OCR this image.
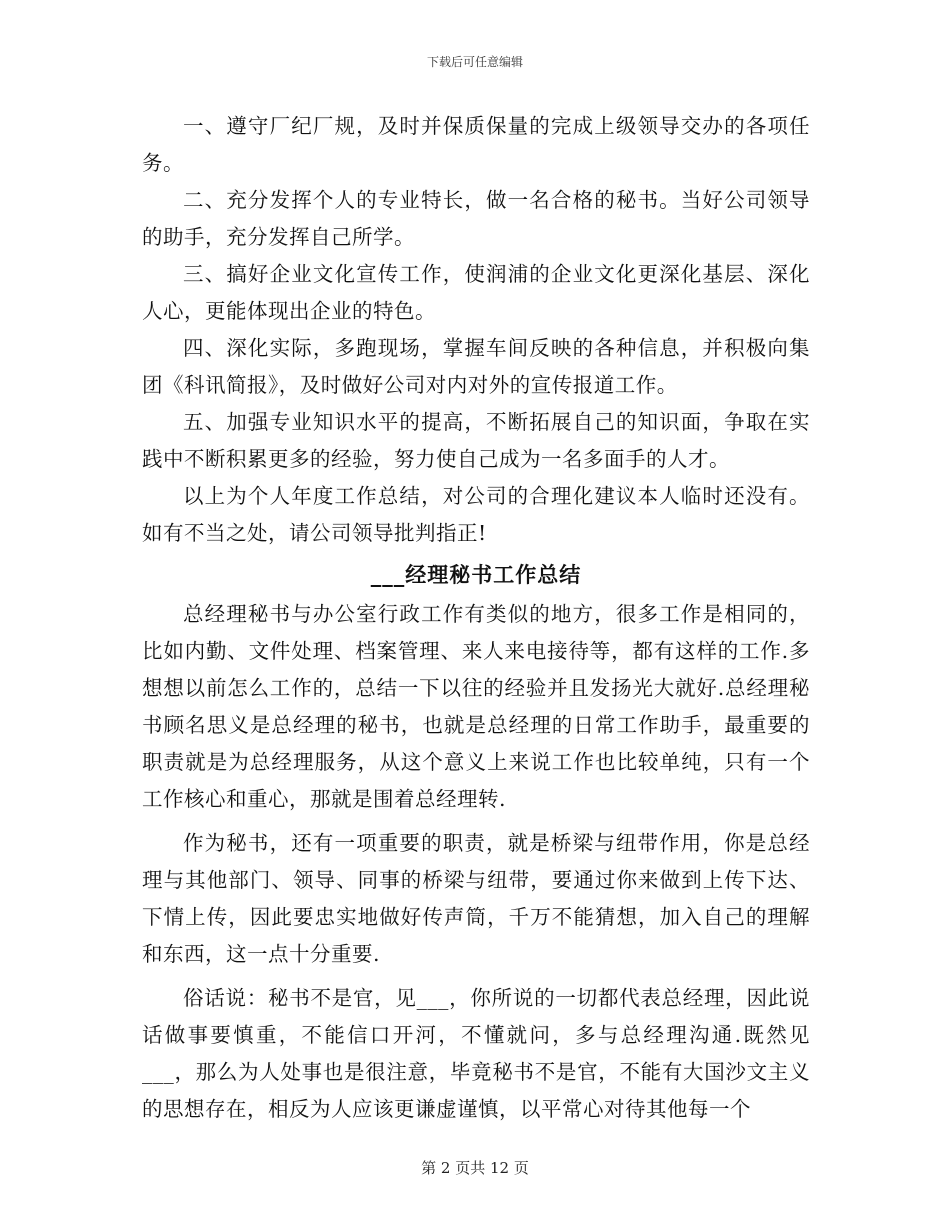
下载后可任意编辑

一、遵守厂纪厂规，及时并保质保量的完成上级领导交办的各项任务。

二、充分发挥个人的专业特长，做一名合格的秘书。当好公司领导的助手，充分发挥自己所学。

三、搞好企业文化宣传工作，使润浦的企业文化更深化基层、深化人心，更能体现出企业的特色。

四、深化实际，多跑现场，掌握车间反映的各种信息，并积极向集团《科讯简报》，及时做好公司对内对外的宣传报道工作。

五、加强专业知识水平的提高，不断拓展自己的知识面，争取在实践中不断积累更多的经验，努力使自己成为一名多面手的人才。

以上为个人年度工作总结，对公司的合理化建议本人临时还没有。如有不当之处，请公司领导批判指正!

___经理秘书工作总结

总经理秘书与办公室行政工作有类似的地方，很多工作是相同的，比如内勤、文件处理、档案管理、来人来电接待等，都有这样的工作.多想想以前怎么工作的，总结一下以往的经验并且发扬光大就好.总经理秘书顾名思义是总经理的秘书，也就是总经理的日常工作助手，最重要的职责就是为总经理服务，从这个意义上来说工作也比较单纯，只有一个工作核心和重心，那就是围着总经理转.

作为秘书，还有一项重要的职责，就是桥梁与纽带作用，你是总经理与其他部门、领导、同事的桥梁与纽带，要通过你来做到上传下达、下情上传，因此要忠实地做好传声筒，千万不能猜想，加入自己的理解和东西，这一点十分重要.

俗话说：秘书不是官，见___，你所说的一切都代表总经理，因此说话做事要慎重，不能信口开河，不懂就问，多与总经理沟通.既然见___，那么为人处事也是很注意，毕竟秘书不是官，不能有大国沙文主义的思想存在，相反为人应该更谦虚谨慎，以平常心对待其他每一个

第 2 页共 12 页
